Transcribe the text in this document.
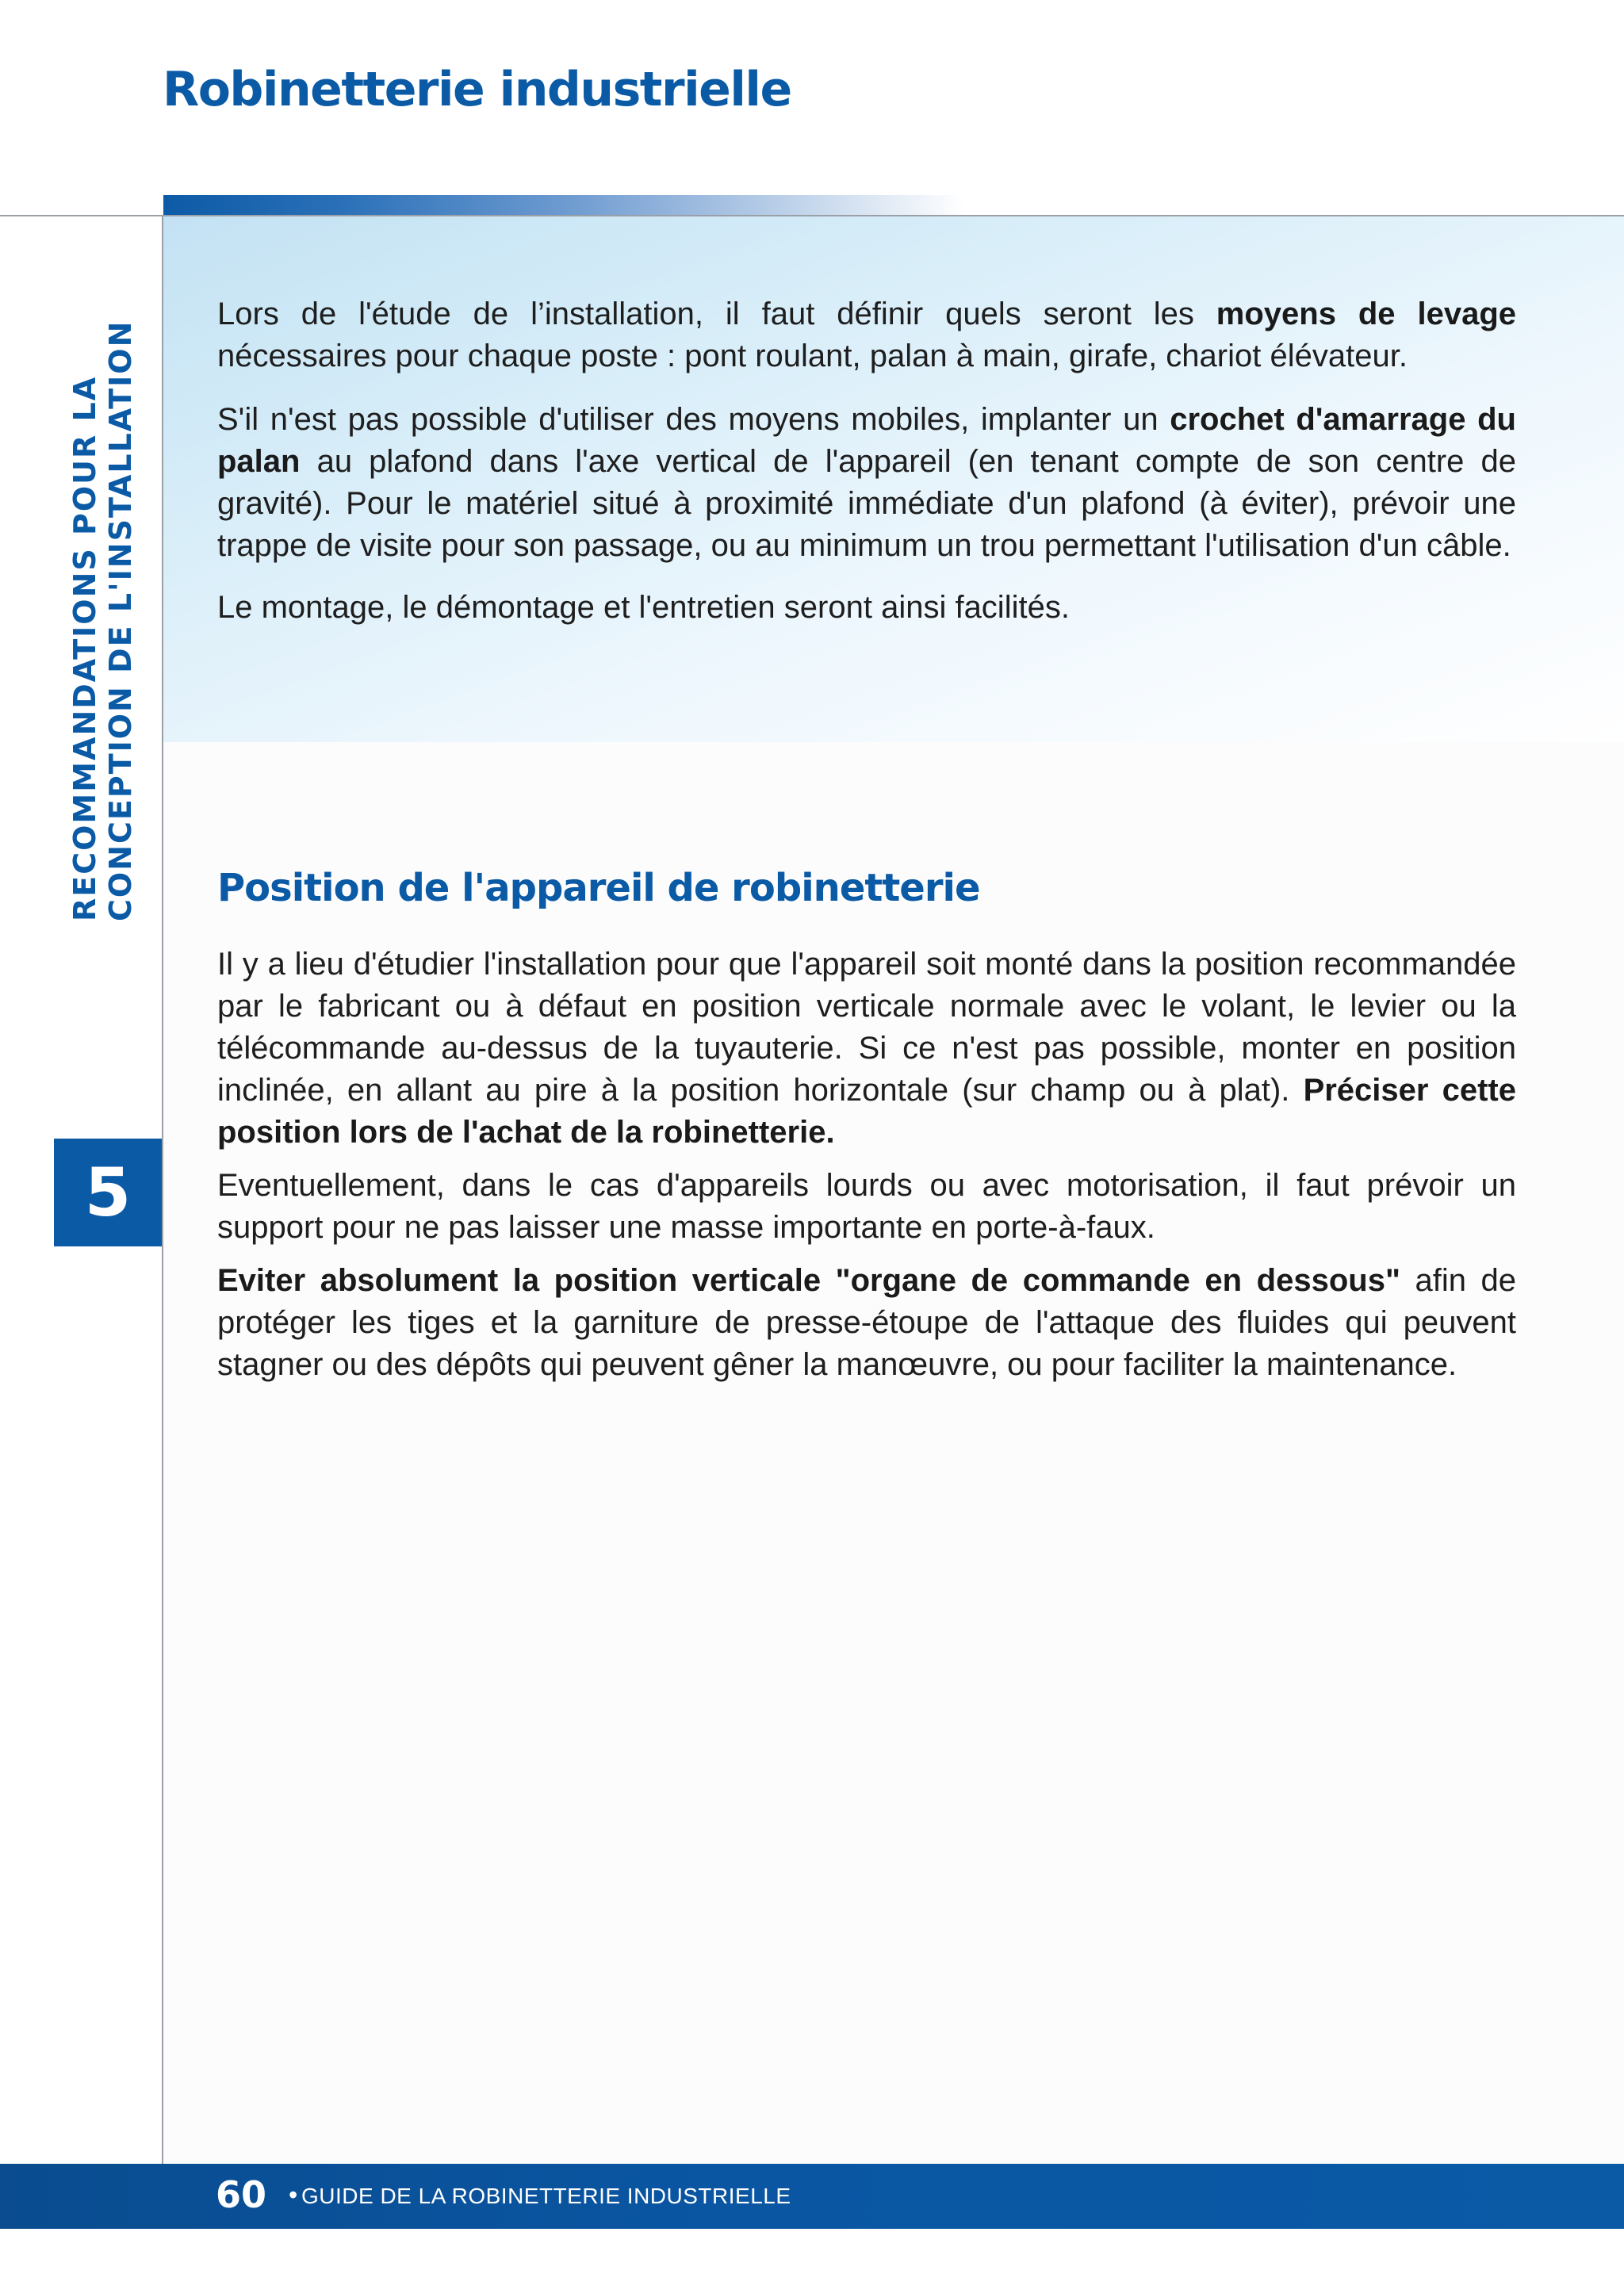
Robinetterie industrielle
RECOMMANDATIONS POUR LA CONCEPTION DE L'INSTALLATION
5

Lors de l'étude de l’installation, il faut définir quels seront les moyens de levage nécessaires pour chaque poste : pont roulant, palan à main, girafe, chariot élévateur.

S'il n'est pas possible d'utiliser des moyens mobiles, implanter un crochet d'amarrage du palan au plafond dans l'axe vertical de l'appareil (en tenant compte de son centre de gravité). Pour le matériel situé à proximité immédiate d'un plafond (à éviter), prévoir une trappe de visite pour son passage, ou au minimum un trou permettant l'utilisation d'un câble.

Le montage, le démontage et l'entretien seront ainsi facilités.

Position de l'appareil de robinetterie

Il y a lieu d'étudier l'installation pour que l'appareil soit monté dans la position recommandée par le fabricant ou à défaut en position verticale normale avec le volant, le levier ou la télécommande au-dessus de la tuyauterie. Si ce n'est pas possible, monter en position inclinée, en allant au pire à la position horizontale (sur champ ou à plat). Préciser cette position lors de l'achat de la robinetterie.

Eventuellement, dans le cas d'appareils lourds ou avec motorisation, il faut prévoir un support pour ne pas laisser une masse importante en porte-à-faux.

Eviter absolument la position verticale "organe de commande en dessous" afin de protéger les tiges et la garniture de presse-étoupe de l'attaque des fluides qui peuvent stagner ou des dépôts qui peuvent gêner la manœuvre, ou pour faciliter la maintenance.

60 • GUIDE DE LA ROBINETTERIE INDUSTRIELLE
